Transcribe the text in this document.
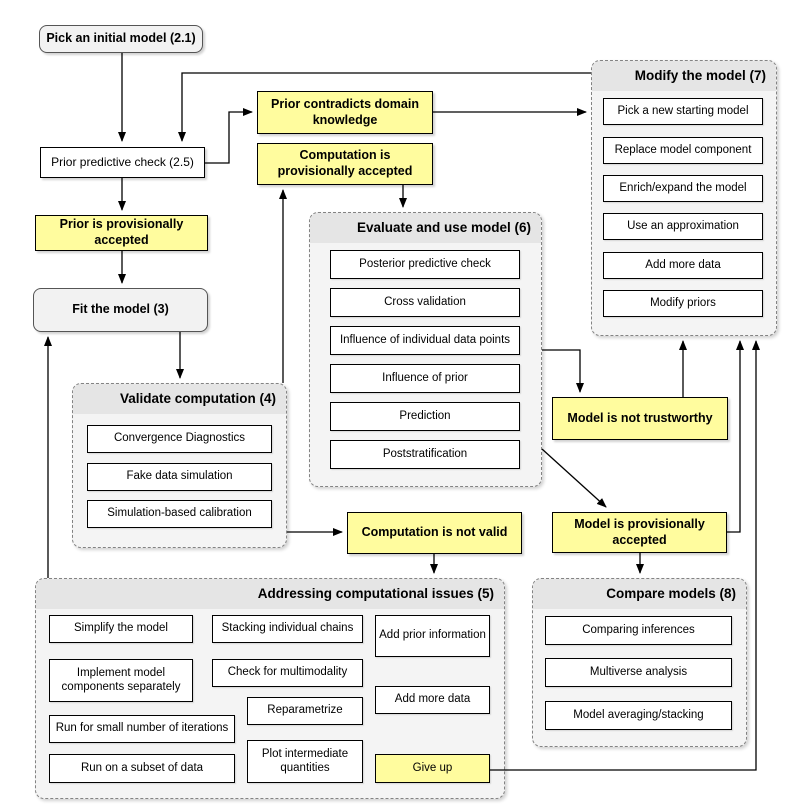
Modify the model (7)
Evaluate and use model (6)
Validate computation (4)
Addressing computational issues (5)	Compare models (8)
Pick an initial model (2.1)
Prior predictive check (2.5)
Prior contradicts domain knowledge
Computation is provisionally accepted
Prior is provisionally accepted
Fit the model (3)
Computation is not valid
Model is not trustworthy
Model is provisionally accepted
Pick a new starting model
Replace model component
Enrich/expand the model
Use an approximation
Add more data
Modify priors
Posterior predictive check
Cross validation
Influence of individual data points
Influence of prior
Prediction
Poststratification
Convergence Diagnostics
Fake data simulation
Simulation-based calibration
Simplify the model
Implement model components separately
Run for small number of iterations
Run on a subset of data
Stacking individual chains
Check for multimodality
Reparametrize
Plot intermediate quantities
Add prior information
Add more data
Give up
Comparing inferences
Multiverse analysis
Model averaging/stacking
